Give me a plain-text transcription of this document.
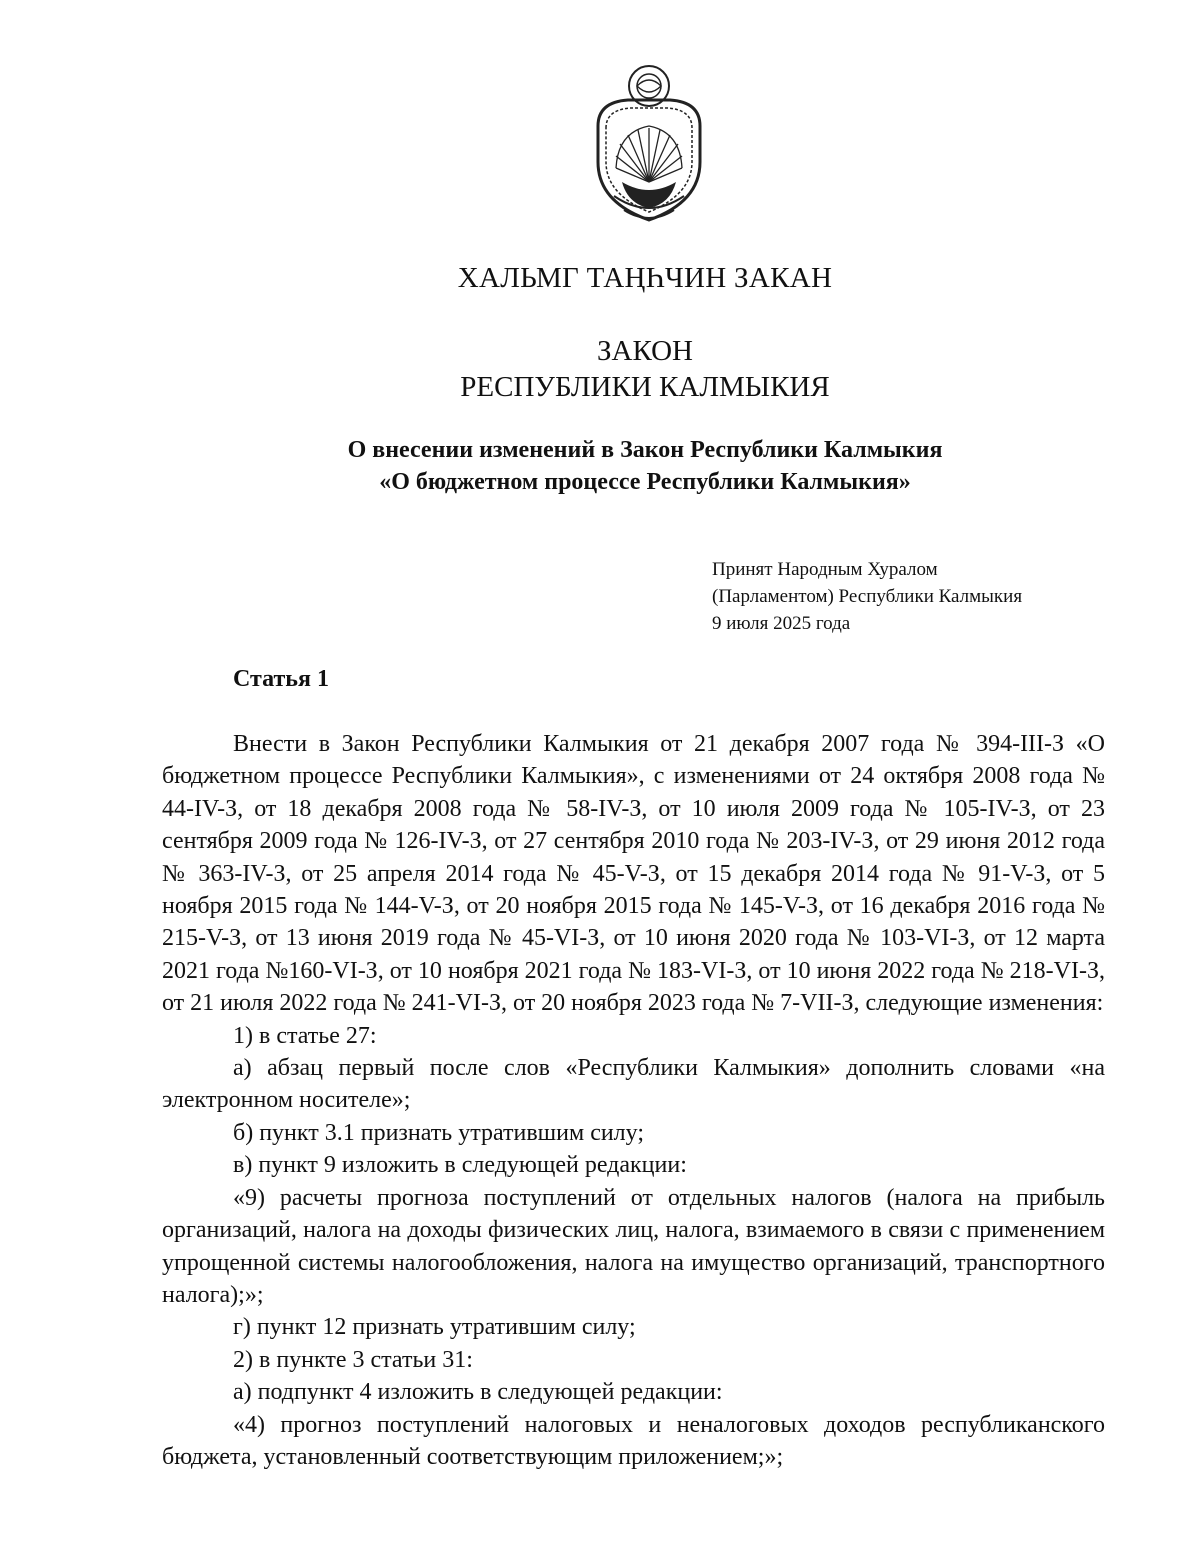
ХАЛЬМГ ТАҢҺЧИН ЗАКАН
ЗАКОН
РЕСПУБЛИКИ КАЛМЫКИЯ
О внесении изменений в Закон Республики Калмыкия
«О бюджетном процессе Республики Калмыкия»
Принят Народным Хуралом
(Парламентом) Республики Калмыкия
9 июля 2025 года
Статья 1

Внести в Закон Республики Калмыкия от 21 декабря 2007 года № 394-III-З «О бюджетном процессе Республики Калмыкия», с изменениями от 24 октября 2008 года № 44-IV-З, от 18 декабря 2008 года № 58-IV-З, от 10 июля 2009 года № 105-IV-З, от 23 сентября 2009 года № 126-IV-З, от 27 сентября 2010 года № 203-IV-З, от 29 июня 2012 года № 363-IV-З, от 25 апреля 2014 года № 45-V-З, от 15 декабря 2014 года № 91-V-З, от 5 ноября 2015 года № 144-V-З, от 20 ноября 2015 года № 145-V-З, от 16 декабря 2016 года № 215-V-З, от 13 июня 2019 года № 45-VI-З, от 10 июня 2020 года № 103-VI-З, от 12 марта 2021 года №160-VI-З, от 10 ноября 2021 года № 183-VI-З, от 10 июня 2022 года № 218-VI-З, от 21 июля 2022 года № 241-VI-З, от 20 ноября 2023 года № 7-VII-З, следующие изменения:

1) в статье 27:

а) абзац первый после слов «Республики Калмыкия» дополнить словами «на электронном носителе»;

б) пункт 3.1 признать утратившим силу;

в) пункт 9 изложить в следующей редакции:

«9) расчеты прогноза поступлений от отдельных налогов (налога на прибыль организаций, налога на доходы физических лиц, налога, взимаемого в связи с применением упрощенной системы налогообложения, налога на имущество организаций, транспортного налога);»;

г) пункт 12 признать утратившим силу;

2) в пункте 3 статьи 31:

а) подпункт 4 изложить в следующей редакции:

«4) прогноз поступлений налоговых и неналоговых доходов республиканского бюджета, установленный соответствующим приложением;»;
